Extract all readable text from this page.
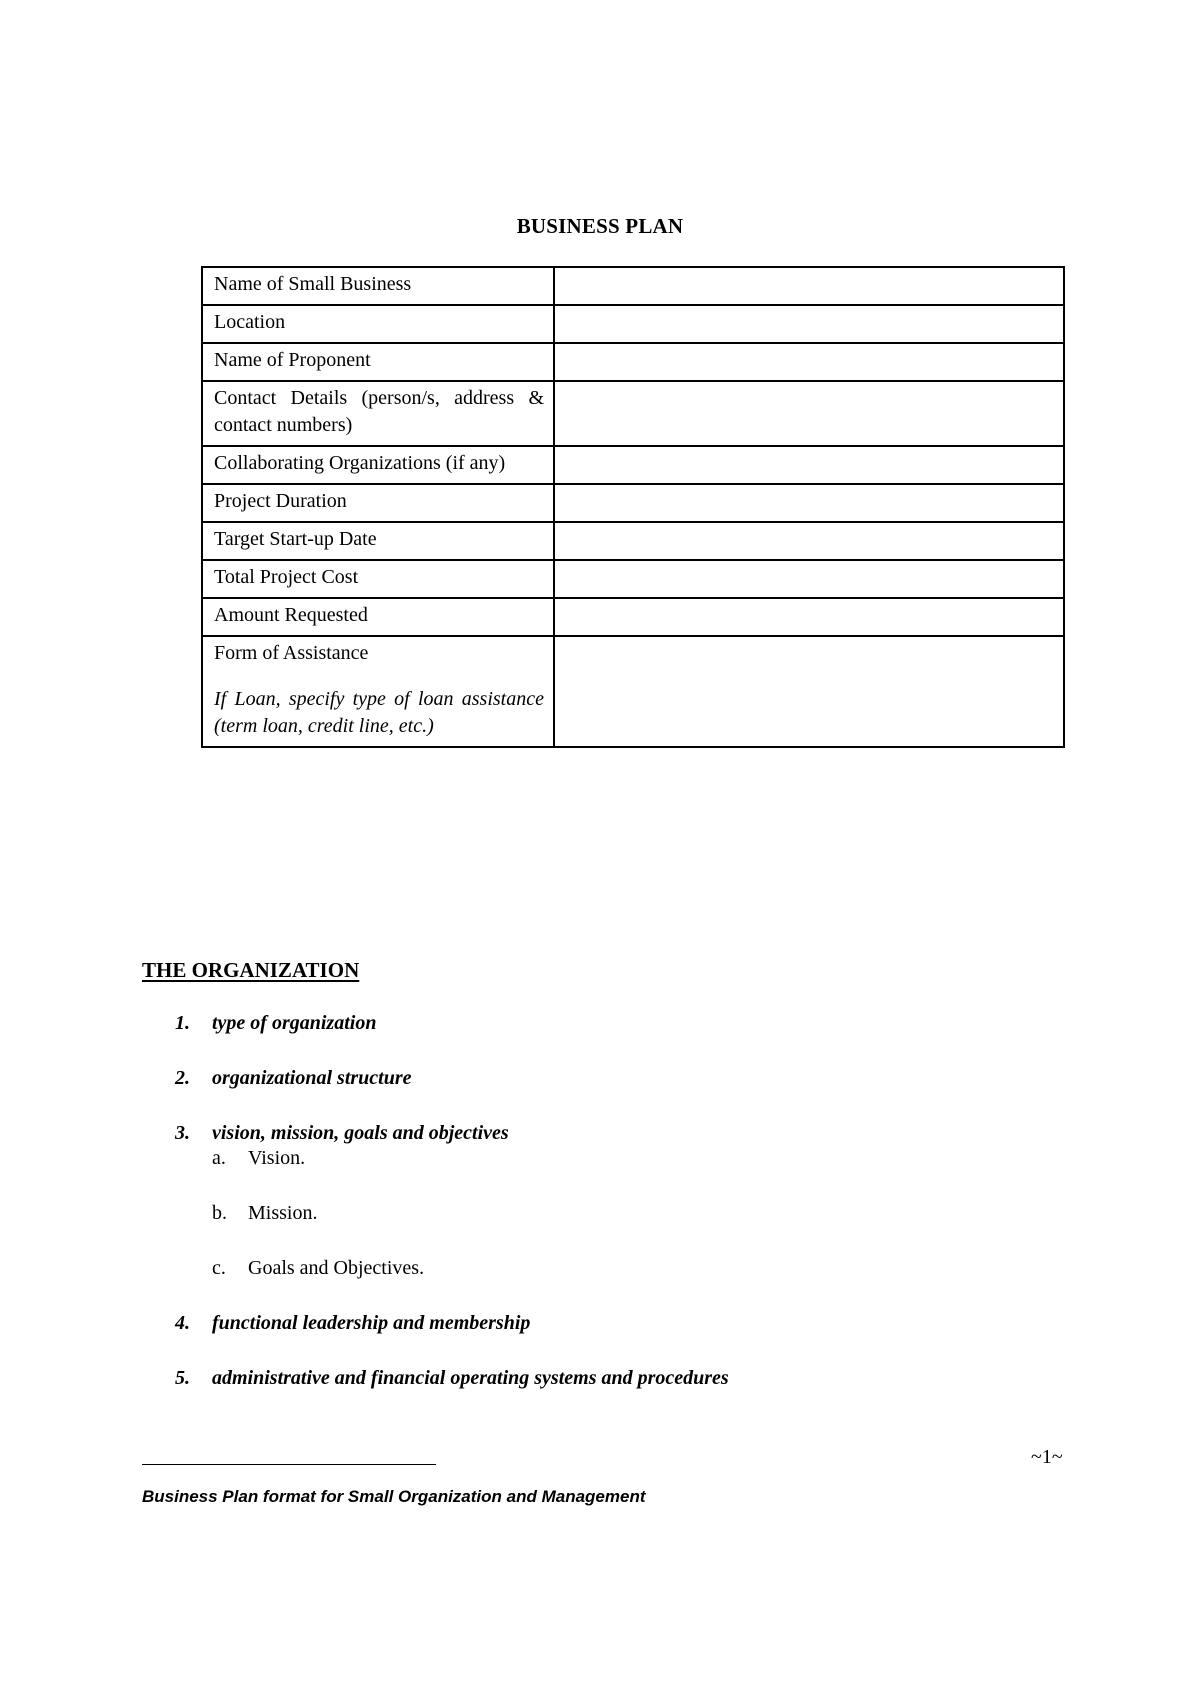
BUSINESS PLAN
Name of Small Business	
Location	
Name of Proponent	
Contact Details (person/s, address & contact numbers)	
Collaborating Organizations (if any)	
Project Duration	
Target Start-up Date	
Total Project Cost	
Amount Requested	

Form of Assistance
If Loan, specify type of loan assistance (term loan, credit line, etc.)	

THE ORGANIZATION
1. type of organization
2. organizational structure
3. vision, mission, goals and objectives
a. Vision.
b. Mission.
c. Goals and Objectives.
4. functional leadership and membership
5. administrative and financial operating systems and procedures
~1~
Business Plan format for Small Organization and Management
